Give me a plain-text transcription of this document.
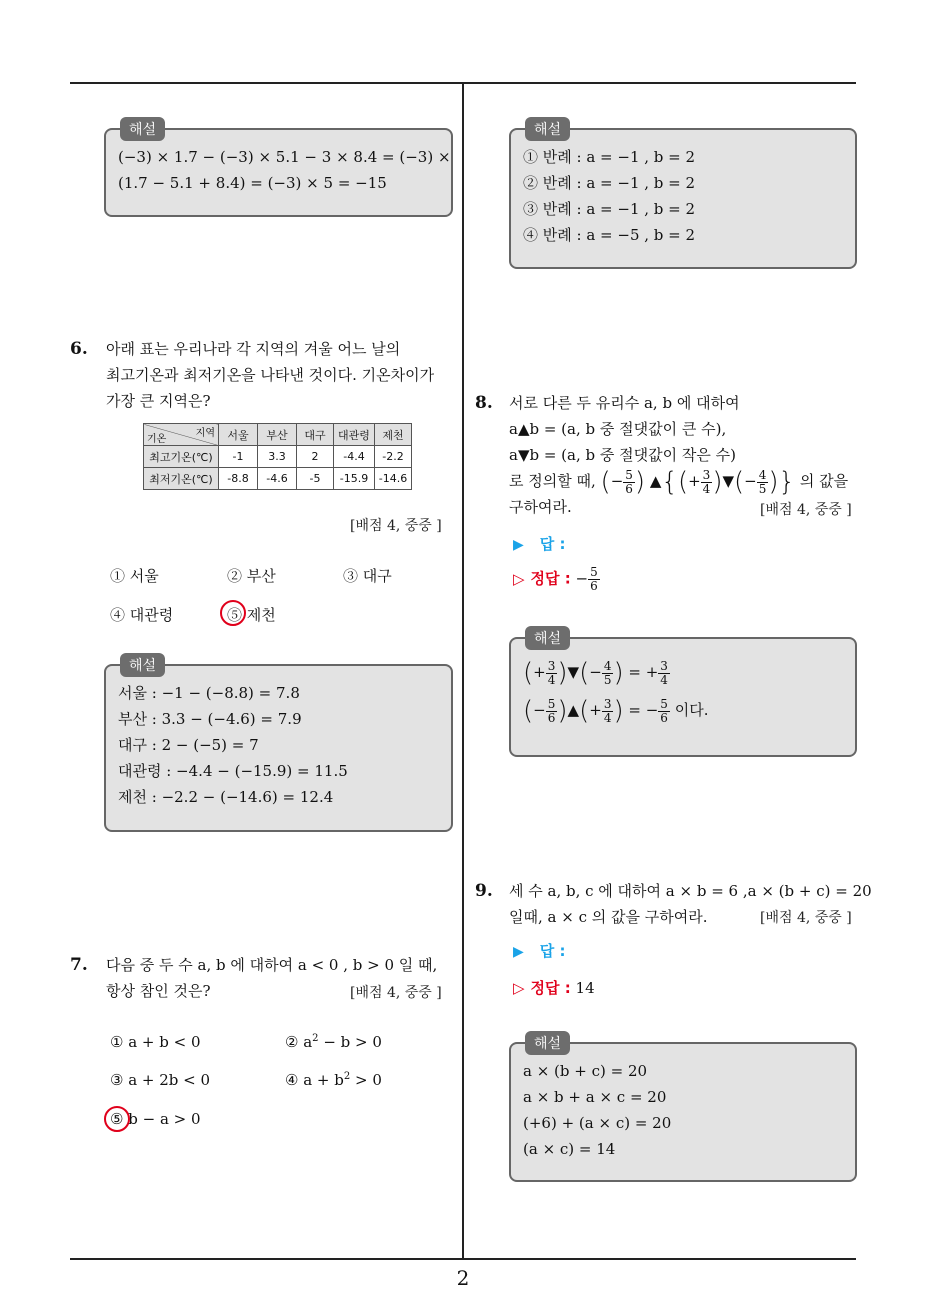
2
해설
(−3) × 1.7 − (−3) × 5.1 − 3 × 8.4 = (−3) ×
(1.7 − 5.1 + 8.4) = (−3) × 5 = −15
해설
① 반례 : a = −1 , b = 2
② 반례 : a = −1 , b = 2
③ 반례 : a = −1 , b = 2
④ 반례 : a = −5 , b = 2
6. 아래 표는 우리나라 각 지역의 겨울 어느 날의
최고기온과 최저기온을 나타낸 것이다. 기온차이가
가장 큰 지역은?
지역
기온	서울	부산	대구	대관령	제천
최고기온(℃)	-1	3.3	2	-4.4	-2.2
최저기온(℃)	-8.8	-4.6	-5	-15.9	-14.6
[배점 4, 중중 ]
① 서울	② 부산	③ 대구
④ 대관령	⑤ 제천
해설
서울 : −1 − (−8.8) = 7.8
부산 : 3.3 − (−4.6) = 7.9
대구 : 2 − (−5) = 7
대관령 : −4.4 − (−15.9) = 11.5
제천 : −2.2 − (−14.6) = 12.4
7. 다음 중 두 수 a, b 에 대하여 a < 0 , b > 0 일 때,
항상 참인 것은?	[배점 4, 중중 ]
① a + b < 0	② $a^2 - b > 0$
③ a + 2b < 0	④ $a + b^2 > 0$
⑤ b − a > 0
8. 서로 다른 두 유리수 a, b 에 대하여
a▲b = (a, b 중 절댓값이 큰 수),
a▼b = (a, b 중 절댓값이 작은 수)
로 정의할 때, (− $\frac{5}{6}$ ) ▲{(+ $\frac{3}{4}$ )▼(− $\frac{4}{5}$ )} 의 값을
구하여라.	[배점 4, 중중 ]
▶ 답 :
▷ 정답 : − $\frac{5}{6}$
해설
(+ $\frac{3}{4}$ )▼(− $\frac{4}{5}$ ) = + $\frac{3}{4}$
(− $\frac{5}{6}$ )▲(+ $\frac{3}{4}$ ) = − $\frac{5}{6}$ 이다.
9. 세 수 a, b, c 에 대하여 a × b = 6 ,a × (b + c) = 20
일때, a × c 의 값을 구하여라.	[배점 4, 중중 ]
▶ 답 :
▷ 정답 : 14
해설
a × (b + c) = 20
a × b + a × c = 20
(+6) + (a × c) = 20
(a × c) = 14
